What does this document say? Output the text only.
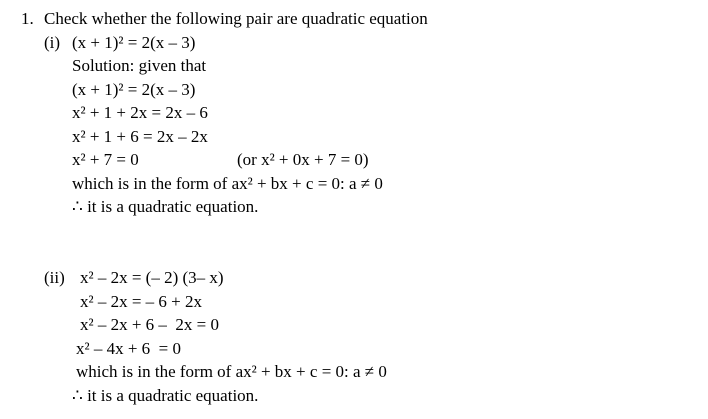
1. Check whether the following pair are quadratic equation
(i) (x + 1)² = 2(x – 3)
Solution: given that
(x + 1)² = 2(x – 3)
x² + 1 + 2x = 2x – 6
x² + 1 + 6 = 2x – 2x
x² + 7 = 0	(or x² + 0x + 7 = 0)
which is in the form of ax² + bx + c = 0: a ≠ 0
∴ it is a quadratic equation.
(ii) x² – 2x = (– 2) (3– x)
x² – 2x = – 6 + 2x
x² – 2x + 6 –  2x = 0
x² – 4x + 6  = 0
which is in the form of ax² + bx + c = 0: a ≠ 0
∴ it is a quadratic equation.
